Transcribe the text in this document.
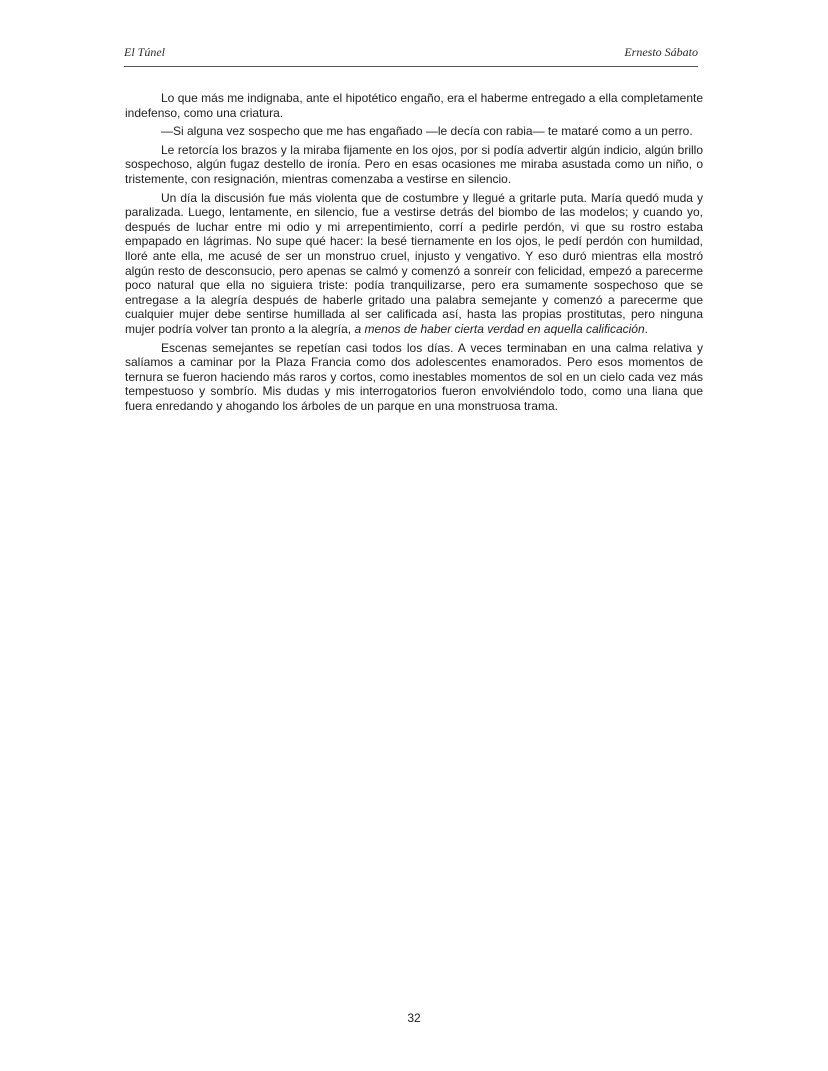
El Túnel	Ernesto Sábato

Lo que más me indignaba, ante el hipotético engaño, era el haberme entregado a ella completamente indefenso, como una criatura.

—Si alguna vez sospecho que me has engañado —le decía con rabia— te mataré como a un perro.

Le retorcía los brazos y la miraba fijamente en los ojos, por si podía advertir algún indicio, algún brillo sospechoso, algún fugaz destello de ironía. Pero en esas ocasiones me miraba asustada como un niño, o tristemente, con resignación, mientras comenzaba a vestirse en silencio.

Un día la discusión fue más violenta que de costumbre y llegué a gritarle puta. María quedó muda y paralizada. Luego, lentamente, en silencio, fue a vestirse detrás del biombo de las modelos; y cuando yo, después de luchar entre mi odio y mi arrepentimiento, corrí a pedirle perdón, vi que su rostro estaba empapado en lágrimas. No supe qué hacer: la besé tiernamente en los ojos, le pedí perdón con humildad, lloré ante ella, me acusé de ser un monstruo cruel, injusto y vengativo. Y eso duró mientras ella mostró algún resto de desconsucio, pero apenas se calmó y comenzó a sonreír con felicidad, empezó a parecerme poco natural que ella no siguiera triste: podía tranquilizarse, pero era sumamente sospechoso que se entregase a la alegría después de haberle gritado una palabra semejante y comenzó a parecerme que cualquier mujer debe sentirse humillada al ser calificada así, hasta las propias prostitutas, pero ninguna mujer podría volver tan pronto a la alegría, a menos de haber cierta verdad en aquella calificación.

Escenas semejantes se repetían casi todos los días. A veces terminaban en una calma relativa y salíamos a caminar por la Plaza Francia como dos adolescentes enamorados. Pero esos momentos de ternura se fueron haciendo más raros y cortos, como inestables momentos de sol en un cielo cada vez más tempestuoso y sombrío. Mis dudas y mis interrogatorios fueron envolviéndolo todo, como una liana que fuera enredando y ahogando los árboles de un parque en una monstruosa trama.

32
